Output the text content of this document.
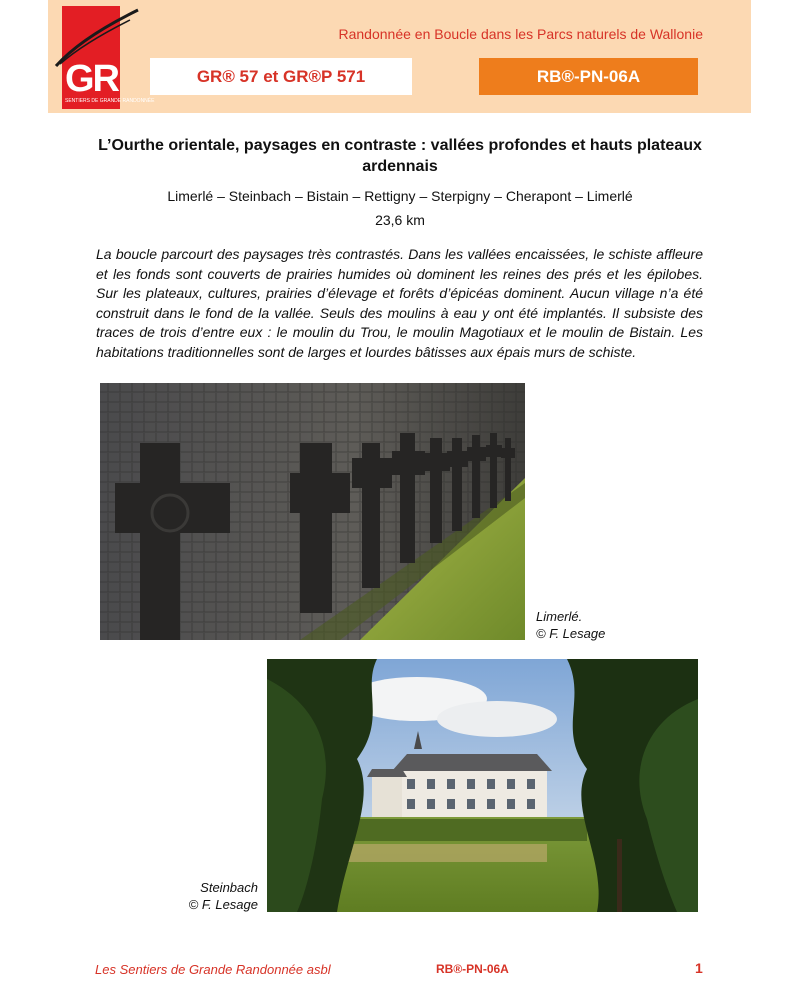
GR
SENTIERS DE GRANDE RANDONNÉE
Randonnée en Boucle dans les Parcs naturels de Wallonie
GR® 57 et GR®P 571	RB®-PN-06A
L’Ourthe orientale, paysages en contraste : vallées profondes et hauts plateaux ardennais
Limerlé – Steinbach – Bistain – Rettigny – Sterpigny – Cherapont – Limerlé
23,6 km
La boucle parcourt des paysages très contrastés. Dans les vallées encaissées, le schiste affleure et les fonds sont couverts de prairies humides où dominent les reines des prés et les épilobes. Sur les plateaux, cultures, prairies d’élevage et forêts d’épicéas dominent. Aucun village n’a été construit dans le fond de la vallée. Seuls des moulins à eau y ont été implantés. Il subsiste des traces de trois d’entre eux : le moulin du Trou, le moulin Magotiaux et le moulin de Bistain. Les habitations traditionnelles sont de larges et lourdes bâtisses aux épais murs de schiste.
Limerlé.
© F. Lesage
Steinbach
© F. Lesage
Les Sentiers de Grande Randonnée asbl	RB®-PN-06A	1
